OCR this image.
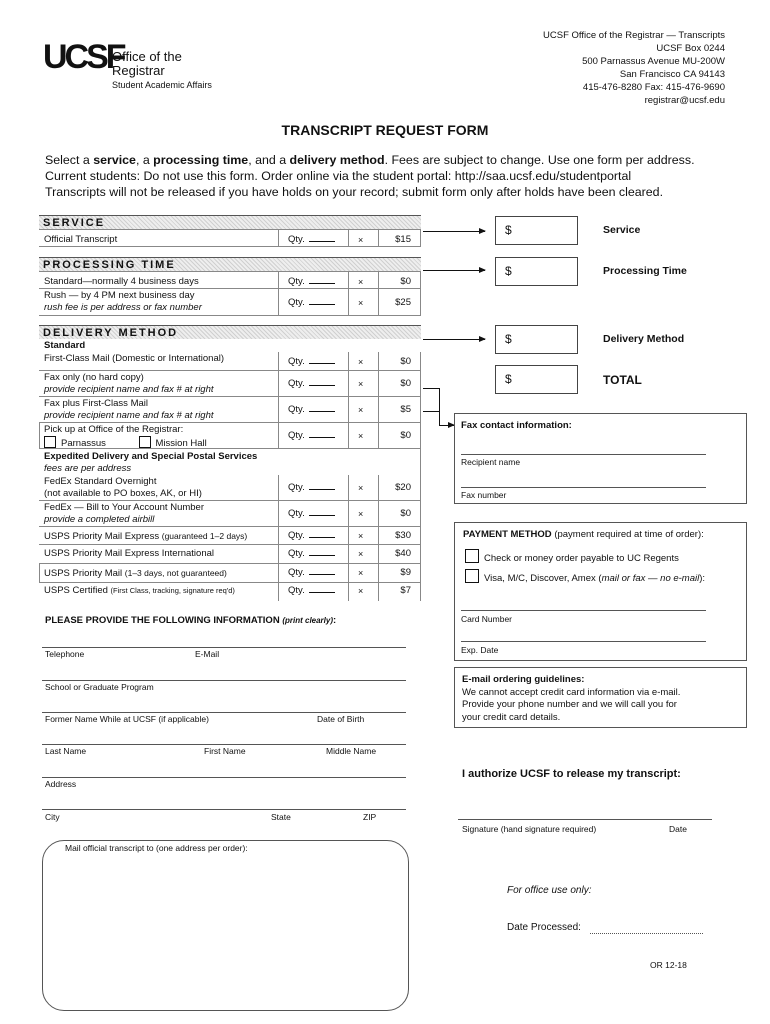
UCSF
Office of the
Registrar
Student Academic Affairs
UCSF Office of the Registrar — Transcripts
UCSF Box 0244
500 Parnassus Avenue MU-200W
San Francisco CA 94143
415-476-8280 Fax: 415-476-9690
registrar@ucsf.edu
TRANSCRIPT REQUEST FORM
Select a service, a processing time, and a delivery method. Fees are subject to change. Use one form per address.
Current students: Do not use this form. Order online via the student portal: http://saa.ucsf.edu/studentportal
Transcripts will not be released if you have holds on your record; submit form only after holds have been cleared.
SERVICE
Official Transcript	Qty.	×	$15
PROCESSING TIME
Standard—normally 4 business days	Qty.	×	$0
Rush — by 4 PM next business day
rush fee is per address or fax number	Qty.	×	$25
DELIVERY METHOD
Standard
First-Class Mail (Domestic or International)	Qty.	×	$0
Fax only (no hard copy)
provide recipient name and fax # at right
Qty.	×	$0
Fax plus First-Class Mail
provide recipient name and fax # at right
Qty.	×	$5
Pick up at Office of the Registrar:
Parnassus	Mission Hall
Qty.	×	$0
Expedited Delivery and Special Postal Services
fees are per address
FedEx Standard Overnight
(not available to PO boxes, AK, or HI)
Qty.	×	$20
FedEx — Bill to Your Account Number
provide a completed airbill
Qty.	×	$0
USPS Priority Mail Express (guaranteed 1–2 days)	Qty.	×	$30
USPS Priority Mail Express International	Qty.	×	$40
USPS Priority Mail (1–3 days, not guaranteed)	Qty.	×	$9
USPS Certified (First Class, tracking, signature req'd)	Qty.	×	$7
$	Service
$	Processing Time
$	Delivery Method
$	TOTAL
Fax contact information:
Recipient name
Fax number
PAYMENT METHOD (payment required at time of order):
Check or money order payable to UC Regents
Visa, M/C, Discover, Amex (mail or fax — no e-mail):
Card Number
Exp. Date
E-mail ordering guidelines:
We cannot accept credit card information via e-mail.
Provide your phone number and we will call you for
your credit card details.
PLEASE PROVIDE THE FOLLOWING INFORMATION (print clearly):
Telephone	E-Mail
School or Graduate Program
Former Name While at UCSF (if applicable)	Date of Birth
Last Name	First Name	Middle Name
Address
City	State	ZIP
Mail official transcript to (one address per order):
I authorize UCSF to release my transcript:
Signature (hand signature required)	Date
For office use only:
Date Processed:
OR 12-18
